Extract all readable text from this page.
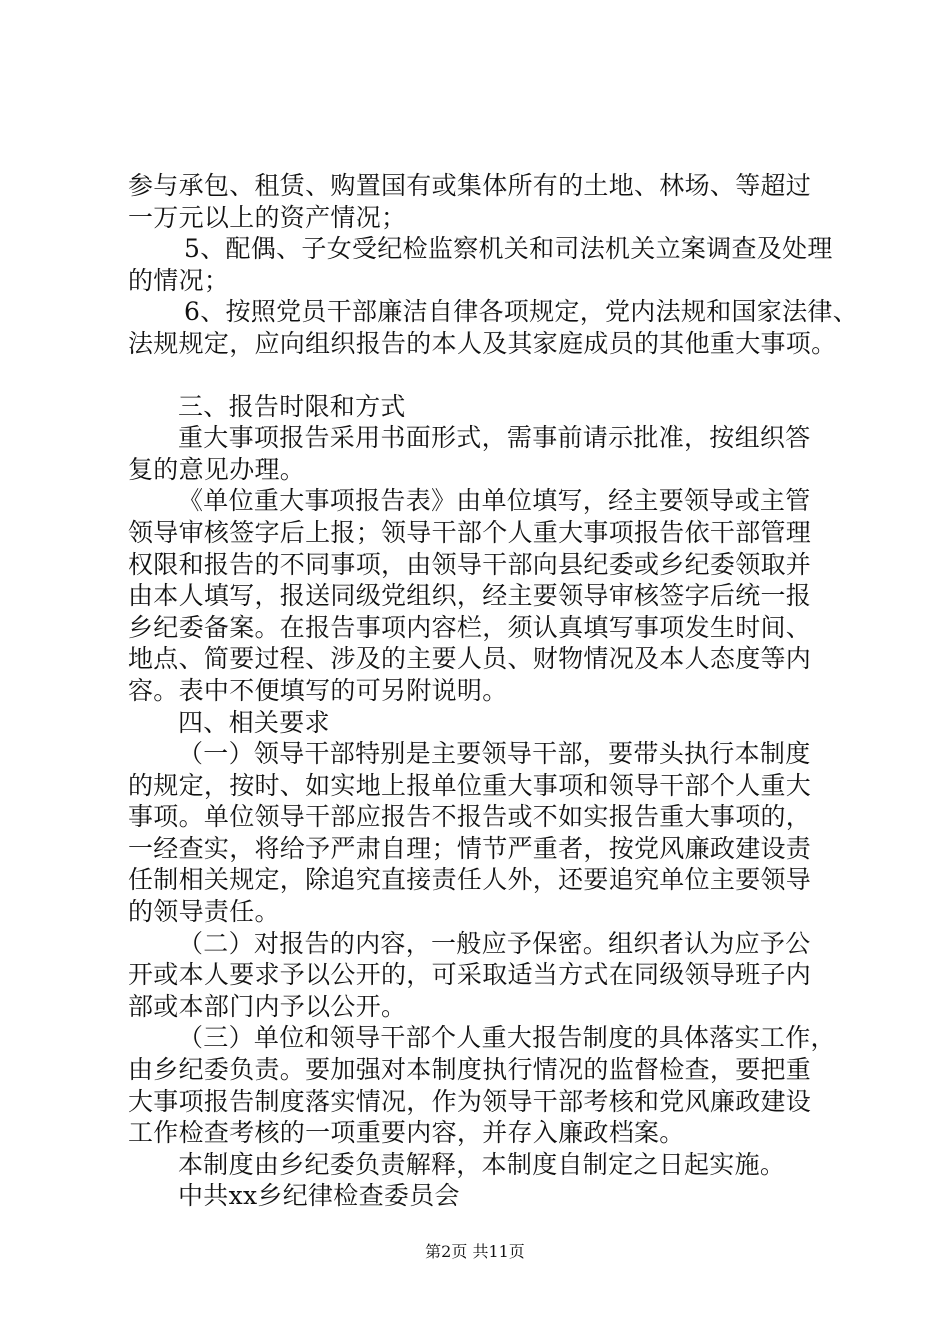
参与承包、租赁、购置国有或集体所有的土地、林场、等超过
一万元以上的资产情况；
5、配偶、子女受纪检监察机关和司法机关立案调查及处理
的情况；
6、按照党员干部廉洁自律各项规定，党内法规和国家法律、
法规规定，应向组织报告的本人及其家庭成员的其他重大事项。
三、报告时限和方式
重大事项报告采用书面形式，需事前请示批准，按组织答
复的意见办理。
《单位重大事项报告表》由单位填写，经主要领导或主管
领导审核签字后上报；领导干部个人重大事项报告依干部管理
权限和报告的不同事项，由领导干部向县纪委或乡纪委领取并
由本人填写，报送同级党组织，经主要领导审核签字后统一报
乡纪委备案。在报告事项内容栏，须认真填写事项发生时间、
地点、简要过程、涉及的主要人员、财物情况及本人态度等内
容。表中不便填写的可另附说明。
四、相关要求
（一）领导干部特别是主要领导干部，要带头执行本制度
的规定，按时、如实地上报单位重大事项和领导干部个人重大
事项。单位领导干部应报告不报告或不如实报告重大事项的，
一经查实，将给予严肃自理；情节严重者，按党风廉政建设责
任制相关规定，除追究直接责任人外，还要追究单位主要领导
的领导责任。
（二）对报告的内容，一般应予保密。组织者认为应予公
开或本人要求予以公开的，可采取适当方式在同级领导班子内
部或本部门内予以公开。
（三）单位和领导干部个人重大报告制度的具体落实工作，
由乡纪委负责。要加强对本制度执行情况的监督检查，要把重
大事项报告制度落实情况，作为领导干部考核和党风廉政建设
工作检查考核的一项重要内容，并存入廉政档案。
本制度由乡纪委负责解释，本制度自制定之日起实施。
中共xx乡纪律检查委员会
第2页 共11页
